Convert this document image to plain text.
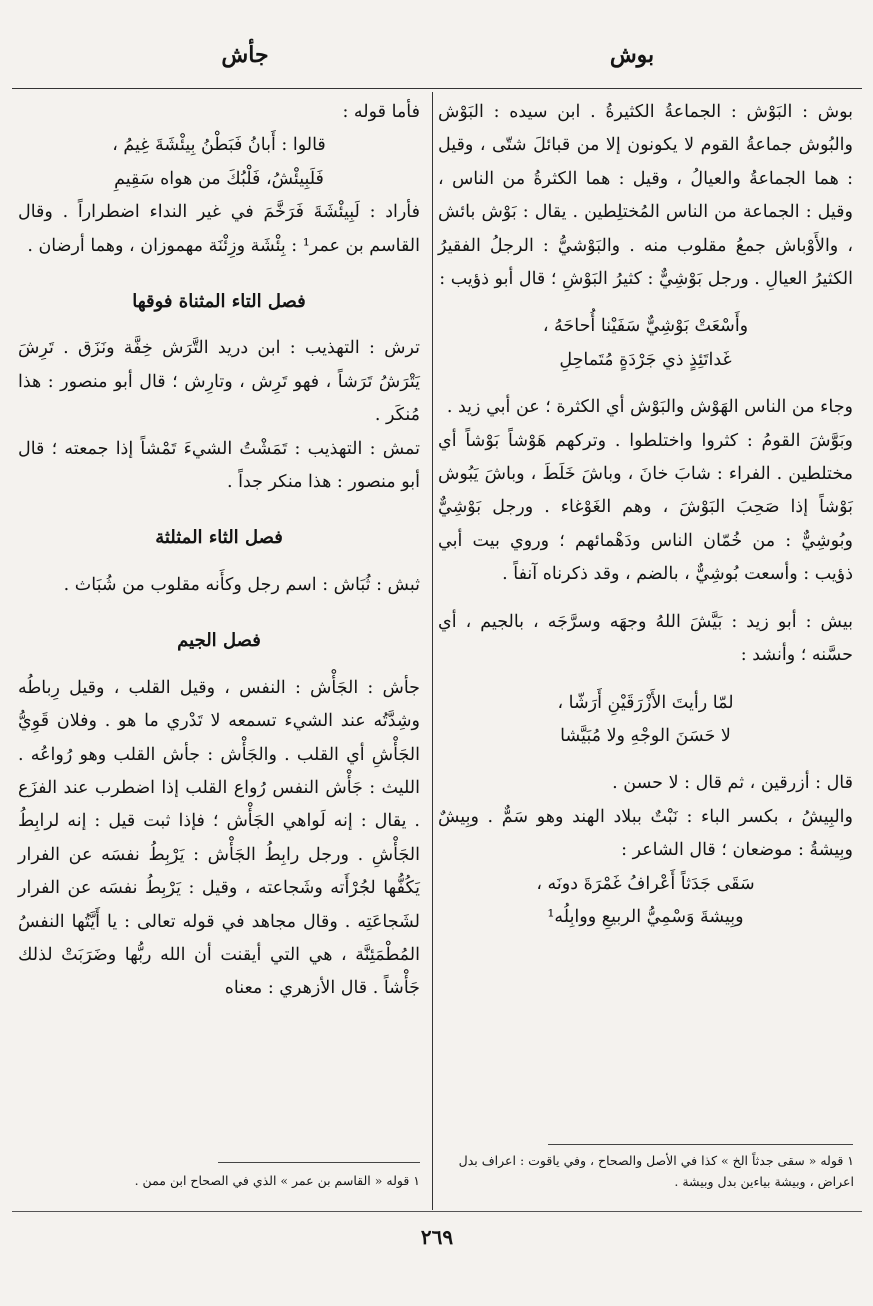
بوش
جأش

بوش : البَوْش : الجماعةُ الكثيرةُ . ابن سيده : البَوْش والبُوش جماعةُ القوم لا يكونون إلا من قبائلَ شتّى ، وقيل : هما الجماعةُ والعيالُ ، وقيل : هما الكثرةُ من الناس ، وقيل : الجماعة من الناس المُختلِطين . يقال : بَوْش بائش ، والأَوْباش جمعُ مقلوب منه . والبَوْشيُّ : الرجلُ الفقيرُ الكثيرُ العيالِ . ورجل بَوْشِيٌّ : كثيرُ البَوْشِ ؛ قال أبو ذؤيب :

وأَسْعَتْ بَوْشِيٌّ سَفَيْنا أُحاحَهُ ،

غَداتَئِذٍ ذي جَرْدَةٍ مُتَماحِلِ

وجاء من الناس الهَوْش والبَوْش أي الكثرة ؛ عن أبي زيد .

وبَوَّشَ القومُ : كثروا واختلطوا . وتركهم هَوْشاً بَوْشاً أي مختلطين . الفراء : شابَ خانَ ، وباشَ خَلَطَ ، وباشَ يَبُوش بَوْشاً إذا صَحِبَ البَوْشَ ، وهم الغَوْغاء . ورجل بَوْشِيٌّ وبُوشِيٌّ : من خُمّان الناس ودَهْمائهم ؛ وروي بيت أبي ذؤيب : وأسعت بُوشِيٌّ ، بالضم ، وقد ذكرناه آنفاً .

بيش : أبو زيد : بَيَّشَ اللهُ وجهَه وسرَّجَه ، بالجيم ، أي حسَّنه ؛ وأنشد :

لمّا رأيتَ الأَزْرَقَيْنِ أَرَشّا ،

لا حَسَنَ الوجْهِ ولا مُبَيَّشا

قال : أزرقين ، ثم قال : لا حسن .

والبِيشُ ، بكسر الباء : نَبْتٌ ببلاد الهند وهو سَمٌّ . وبِيشٌ وبِيشةُ : موضعان ؛ قال الشاعر :

سَقَى جَدَثاً أَعْرافُ غَمْرَةَ دونَه ،

وبِيشةَ وَسْمِيُّ الربيعِ ووابِلُه¹

١ قوله « سقى جدثاً الخ » كذا في الأصل والصحاح ، وفي ياقوت : اعراف بدل اعراض ، وبيشة بياءين بدل وبيشة .

فأما قوله :

قالوا : أَبانُ فَبَطْنُ بِيئْشَةَ غِيمُ ،

فَلَبِيئْشُ، فَلْبُكَ من هواه سَقِيمِ

فأراد : لَبِيئْشَةَ فَرَخَّمَ في غير النداء اضطراراً . وقال القاسم بن عمر¹ : بِئْشَة وزِئْنَة مهموزان ، وهما أرضان .

فصل التاء المثناة فوقها

ترش : التهذيب : ابن دريد التَّرَش خِفَّة ونَزَق . تَرِشَ يَتْرَشُ تَرَشاً ، فهو تَرِش ، وتارِش ؛ قال أبو منصور : هذا مُنكَر .

تمش : التهذيب : تَمَشْتُ الشيءَ تَمْشاً إذا جمعته ؛ قال أبو منصور : هذا منكر جداً .

فصل الثاء المثلثة

ثبش : ثُبَاش : اسم رجل وكأَنه مقلوب من شُبَاث .

فصل الجيم

جأش : الجَأْش : النفس ، وقيل القلب ، وقيل رِباطُه وشِدَّتُه عند الشيء تسمعه لا تَدْري ما هو . وفلان قَوِيُّ الجَأْشِ أي القلب . والجَأْش : جأش القلب وهو رُواعُه . الليث : جَأْش النفس رُواع القلب إذا اضطرب عند الفزَع . يقال : إنه لَواهي الجَأْش ؛ فإذا ثبت قيل : إنه لرابِطُ الجَأْشِ . ورجل رابِطُ الجَأْش : يَرْبِطُ نفسَه عن الفرار يَكُفُّها لجُرْأَته وشَجاعته ، وقيل : يَرْبِطُ نفسَه عن الفرار لشَجاعَتِه . وقال مجاهد في قوله تعالى : يا أَيَّتُها النفسُ المُطْمَئِنَّة ، هي التي أيقنت أن الله ربُّها وضَرَبَتْ لذلك جَأْشاً . قال الأزهري : معناه

١ قوله « القاسم بن عمر » الذي في الصحاح ابن ممن .
٢٦٩
